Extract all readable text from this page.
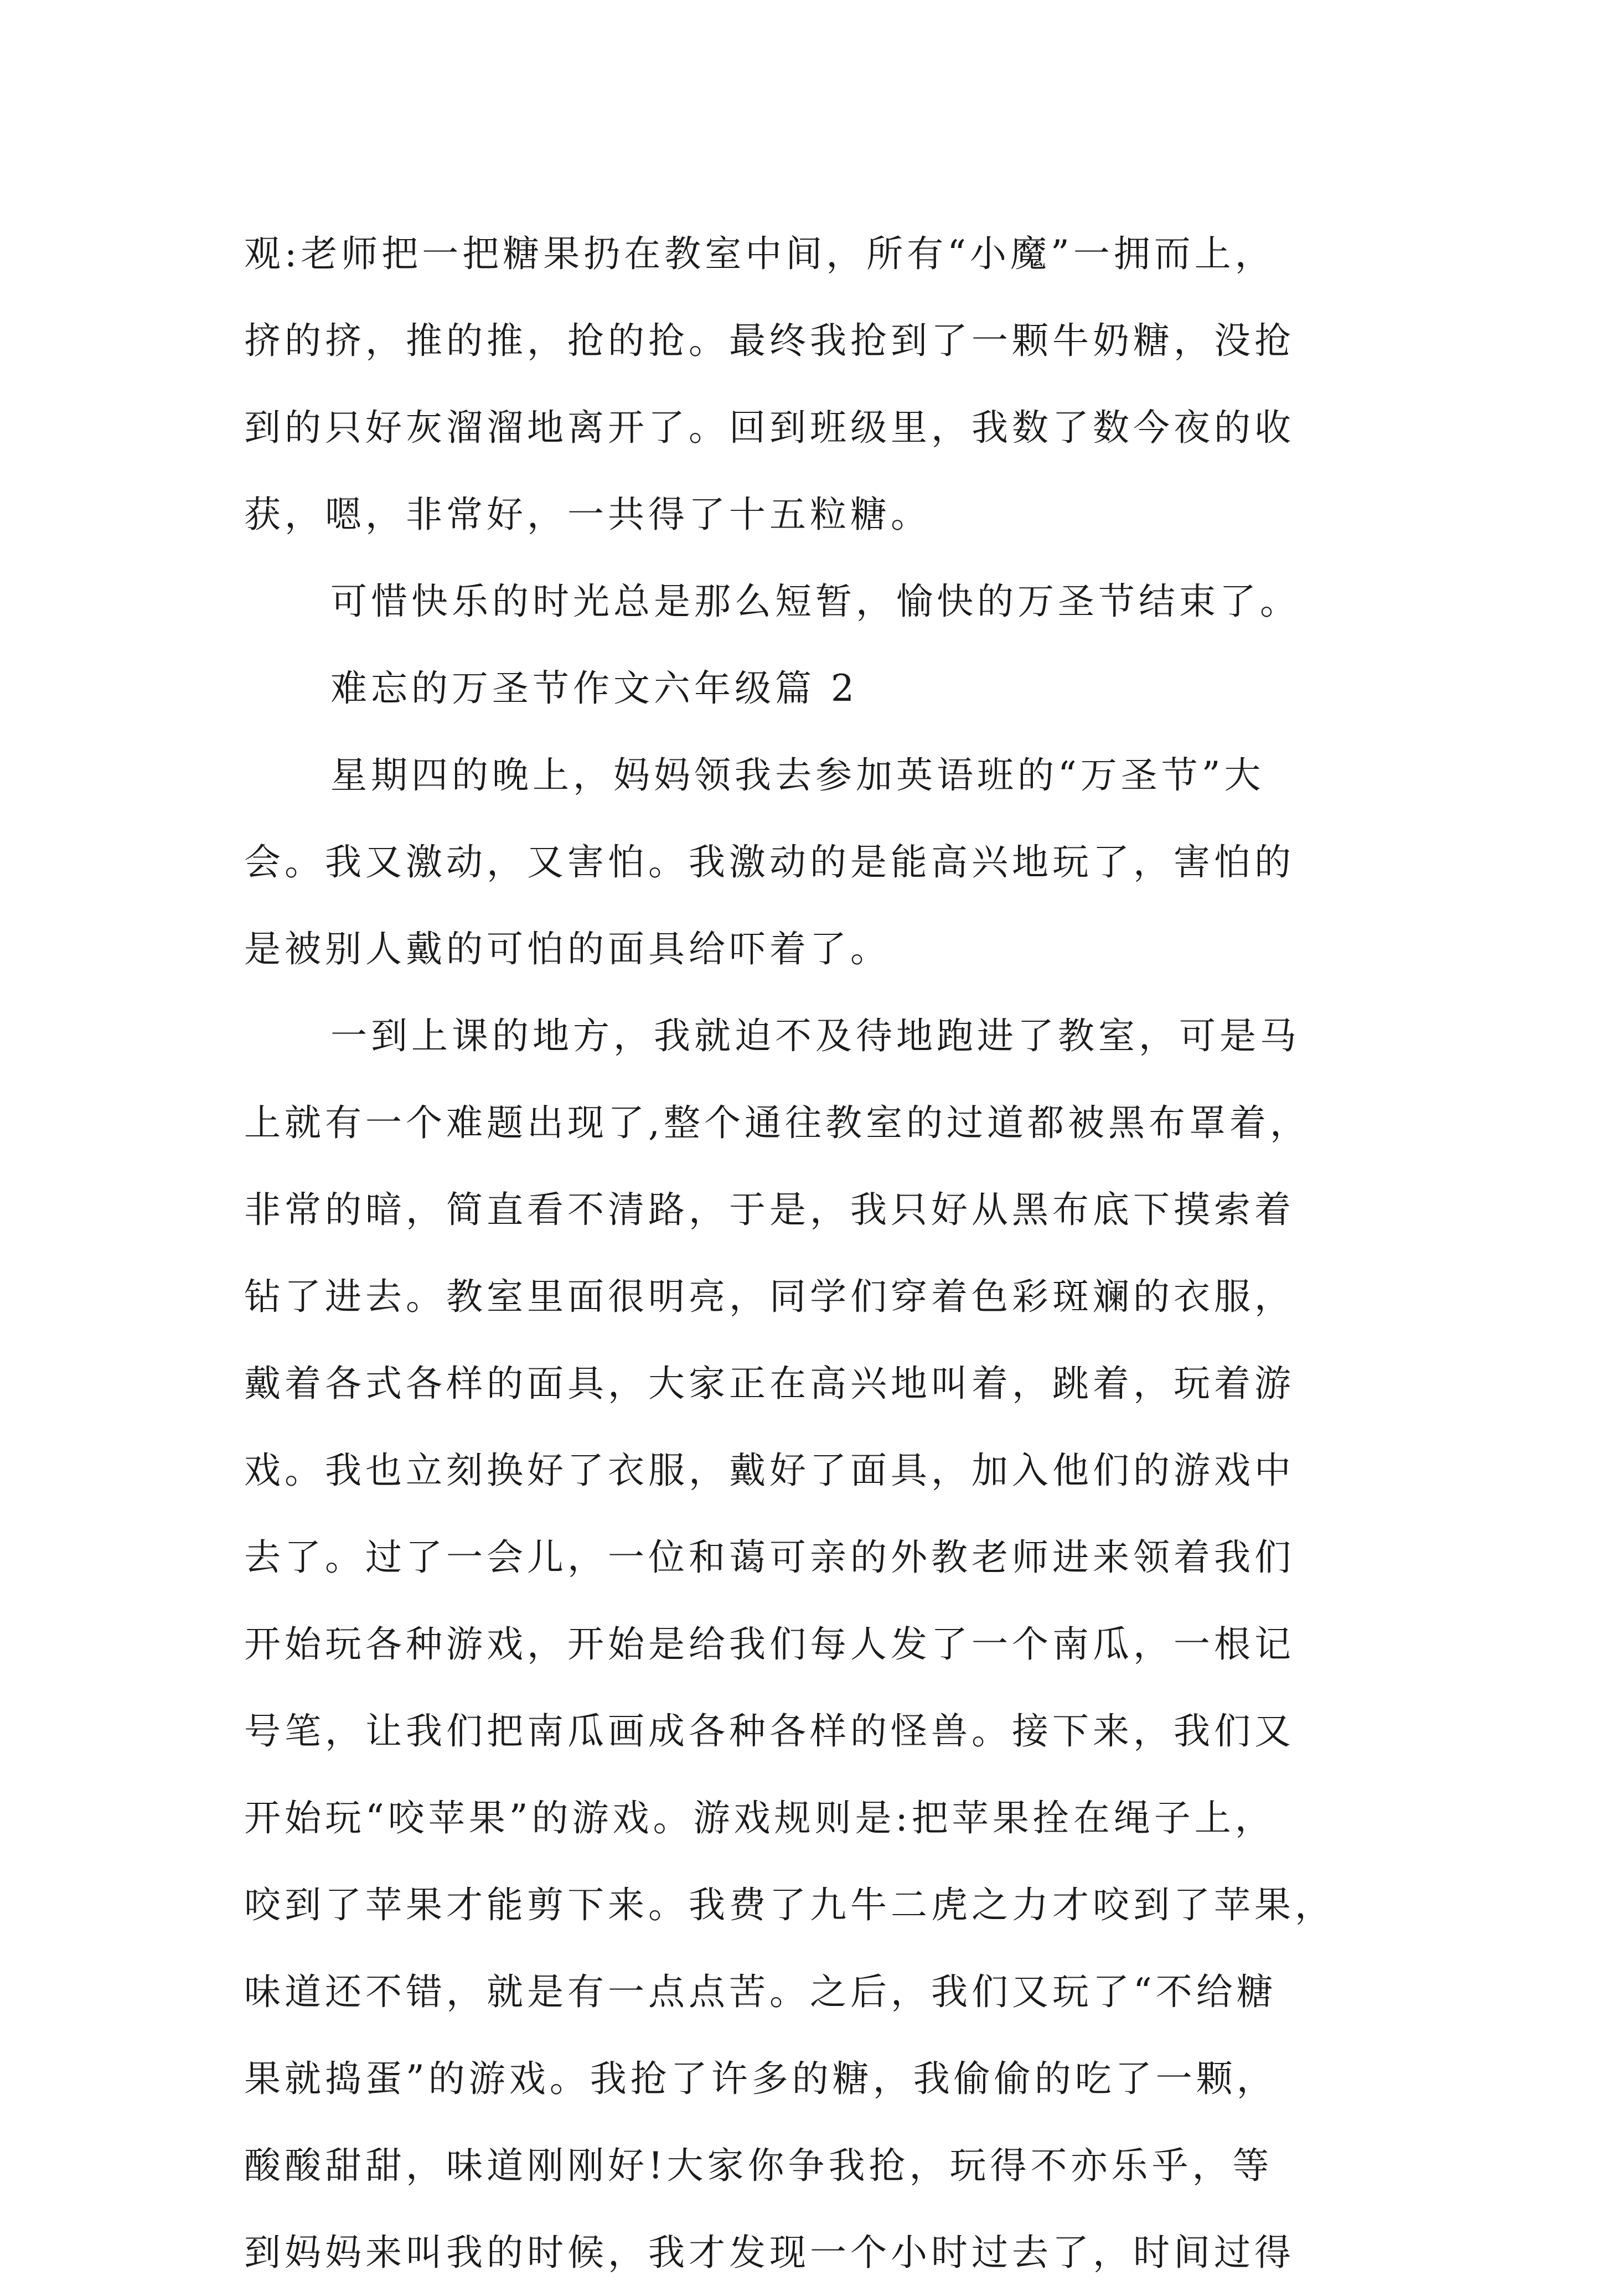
观:老师把一把糖果扔在教室中间，所有“小魔”一拥而上，
挤的挤，推的推，抢的抢。最终我抢到了一颗牛奶糖，没抢
到的只好灰溜溜地离开了。回到班级里，我数了数今夜的收
获，嗯，非常好，一共得了十五粒糖。
可惜快乐的时光总是那么短暂，愉快的万圣节结束了。
难忘的万圣节作文六年级篇 2
星期四的晚上，妈妈领我去参加英语班的“万圣节”大
会。我又激动，又害怕。我激动的是能高兴地玩了，害怕的
是被别人戴的可怕的面具给吓着了。
一到上课的地方，我就迫不及待地跑进了教室，可是马
上就有一个难题出现了,整个通往教室的过道都被黑布罩着，
非常的暗，简直看不清路，于是，我只好从黑布底下摸索着
钻了进去。教室里面很明亮，同学们穿着色彩斑斓的衣服，
戴着各式各样的面具，大家正在高兴地叫着，跳着，玩着游
戏。我也立刻换好了衣服，戴好了面具，加入他们的游戏中
去了。过了一会儿，一位和蔼可亲的外教老师进来领着我们
开始玩各种游戏，开始是给我们每人发了一个南瓜，一根记
号笔，让我们把南瓜画成各种各样的怪兽。接下来，我们又
开始玩“咬苹果”的游戏。游戏规则是:把苹果拴在绳子上，
咬到了苹果才能剪下来。我费了九牛二虎之力才咬到了苹果，
味道还不错，就是有一点点苦。之后，我们又玩了“不给糖
果就捣蛋”的游戏。我抢了许多的糖，我偷偷的吃了一颗，
酸酸甜甜，味道刚刚好!大家你争我抢，玩得不亦乐乎，等
到妈妈来叫我的时候，我才发现一个小时过去了，时间过得
